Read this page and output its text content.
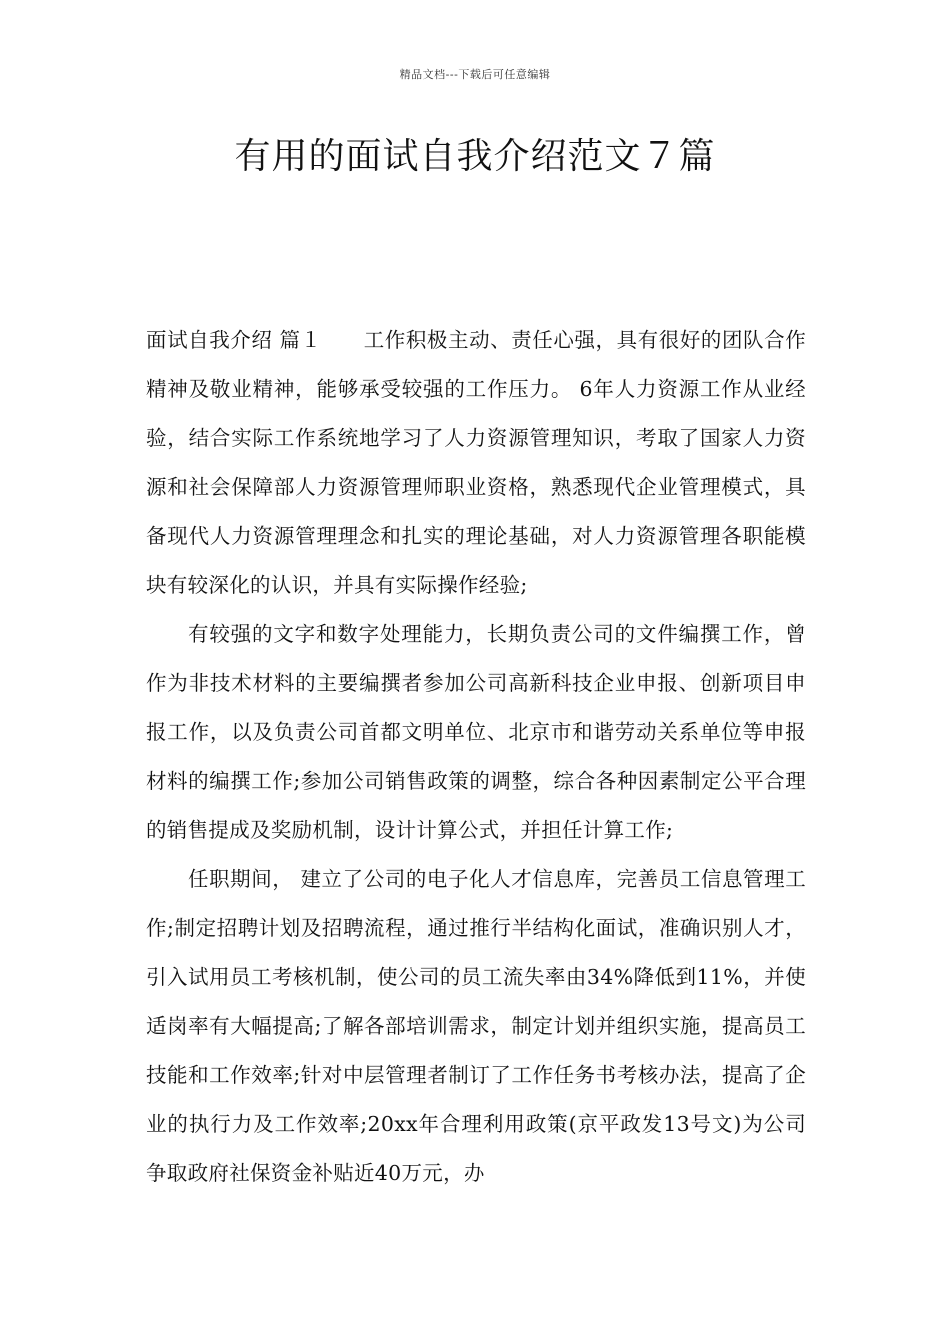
精品文档---下载后可任意编辑
有用的面试自我介绍范文７篇

面试自我介绍 篇１ 工作积极主动、责任心强，具有很好的团队合作精神及敬业精神，能够承受较强的工作压力。 6年人力资源工作从业经验，结合实际工作系统地学习了人力资源管理知识，考取了国家人力资源和社会保障部人力资源管理师职业资格，熟悉现代企业管理模式，具备现代人力资源管理理念和扎实的理论基础，对人力资源管理各职能模块有较深化的认识，并具有实际操作经验;

有较强的文字和数字处理能力，长期负责公司的文件编撰工作，曾作为非技术材料的主要编撰者参加公司高新科技企业申报、创新项目申报工作，以及负责公司首都文明单位、北京市和谐劳动关系单位等申报材料的编撰工作;参加公司销售政策的调整，综合各种因素制定公平合理的销售提成及奖励机制，设计计算公式，并担任计算工作;

任职期间， 建立了公司的电子化人才信息库，完善员工信息管理工作;制定招聘计划及招聘流程，通过推行半结构化面试，准确识别人才，引入试用员工考核机制，使公司的员工流失率由34%降低到11%，并使适岗率有大幅提高;了解各部培训需求，制定计划并组织实施，提高员工技能和工作效率;针对中层管理者制订了工作任务书考核办法，提高了企业的执行力及工作效率;20xx年合理利用政策(京平政发13号文)为公司争取政府社保资金补贴近40万元，办
